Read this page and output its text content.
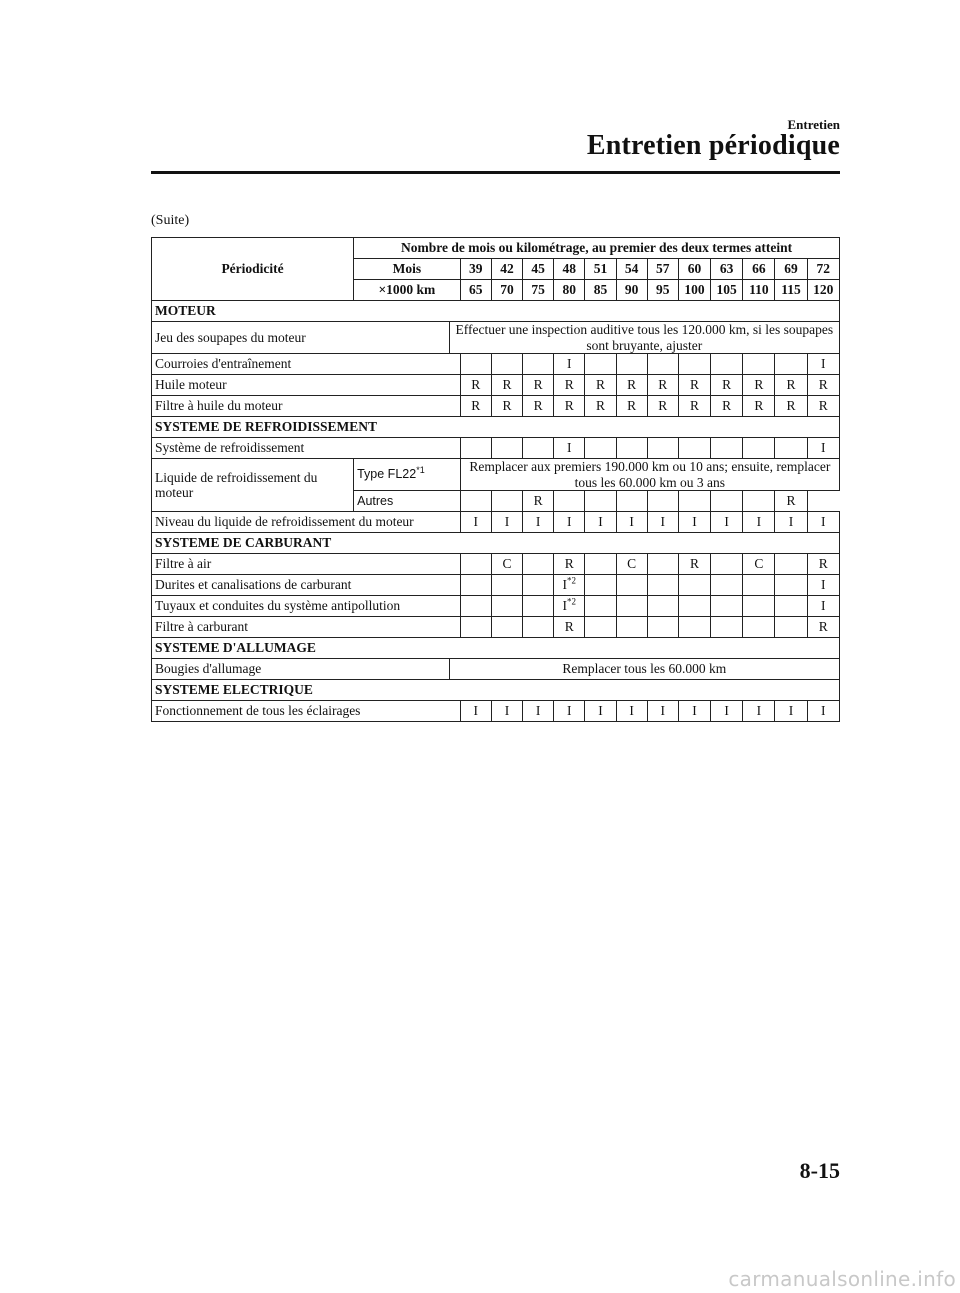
Entretien
Entretien périodique
(Suite)
Périodicité	Nombre de mois ou kilométrage, au premier des deux termes atteint													
	Mois		39	42	45	48	51	54	57	60	63	66	69	72
	×1000 km		65	70	75	80	85	90	95	100	105	110	115	120
MOTEUR														
Jeu des soupapes du moteur		Effectuer une inspection auditive tous les 120.000 km, si les soupapes sont bruyante, ajuster												
Courroies d'entraînement						I								I
Huile moteur			R	R	R	R	R	R	R	R	R	R	R	R
Filtre à huile du moteur			R	R	R	R	R	R	R	R	R	R	R	R
SYSTEME DE REFROIDISSEMENT														
Système de refroidissement						I								I
Liquide de refroidissement du moteur	Type FL22$^{*1}$		Remplacer aux premiers 190.000 km ou 10 ans; ensuite, remplacer tous les 60.000 km ou 3 ans											
	Autres				R								R	
Niveau du liquide de refroidissement du moteur			I	I	I	I	I	I	I	I	I	I	I	I
SYSTEME DE CARBURANT														
Filtre à air				C		R		C		R		C		R
Durites et canalisations de carburant						$I^{*2}$								I
Tuyaux et conduites du système antipollution						$I^{*2}$								I
Filtre à carburant						R								R
SYSTEME D'ALLUMAGE														
Bougies d'allumage		Remplacer tous les 60.000 km												
SYSTEME ELECTRIQUE														
Fonctionnement de tous les éclairages			I	I	I	I	I	I	I	I	I	I	I	I
8-15
carmanualsonline.info
